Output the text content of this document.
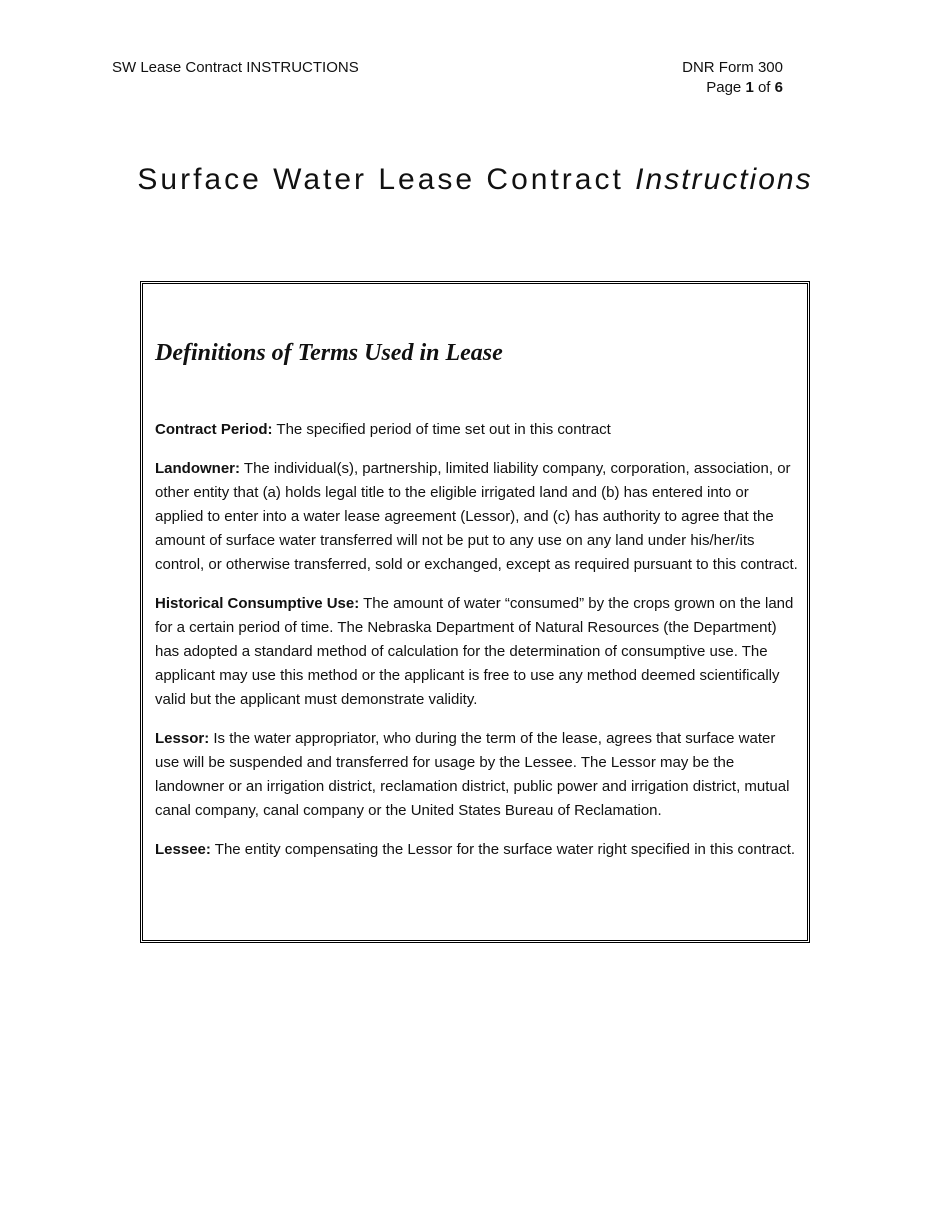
SW Lease Contract INSTRUCTIONS	DNR Form 300
Page 1 of 6
Surface Water Lease Contract Instructions
Definitions of Terms Used in Lease

Contract Period: The specified period of time set out in this contract

Landowner: The individual(s), partnership, limited liability company, corporation, association, or other entity that (a) holds legal title to the eligible irrigated land and (b) has entered into or applied to enter into a water lease agreement (Lessor), and (c) has authority to agree that the amount of surface water transferred will not be put to any use on any land under his/her/its control, or otherwise transferred, sold or exchanged, except as required pursuant to this contract.

Historical Consumptive Use: The amount of water “consumed” by the crops grown on the land for a certain period of time. The Nebraska Department of Natural Resources (the Department) has adopted a standard method of calculation for the determination of consumptive use. The applicant may use this method or the applicant is free to use any method deemed scientifically valid but the applicant must demonstrate validity.

Lessor: Is the water appropriator, who during the term of the lease, agrees that surface water use will be suspended and transferred for usage by the Lessee. The Lessor may be the landowner or an irrigation district, reclamation district, public power and irrigation district, mutual canal company, canal company or the United States Bureau of Reclamation.

Lessee: The entity compensating the Lessor for the surface water right specified in this contract.
